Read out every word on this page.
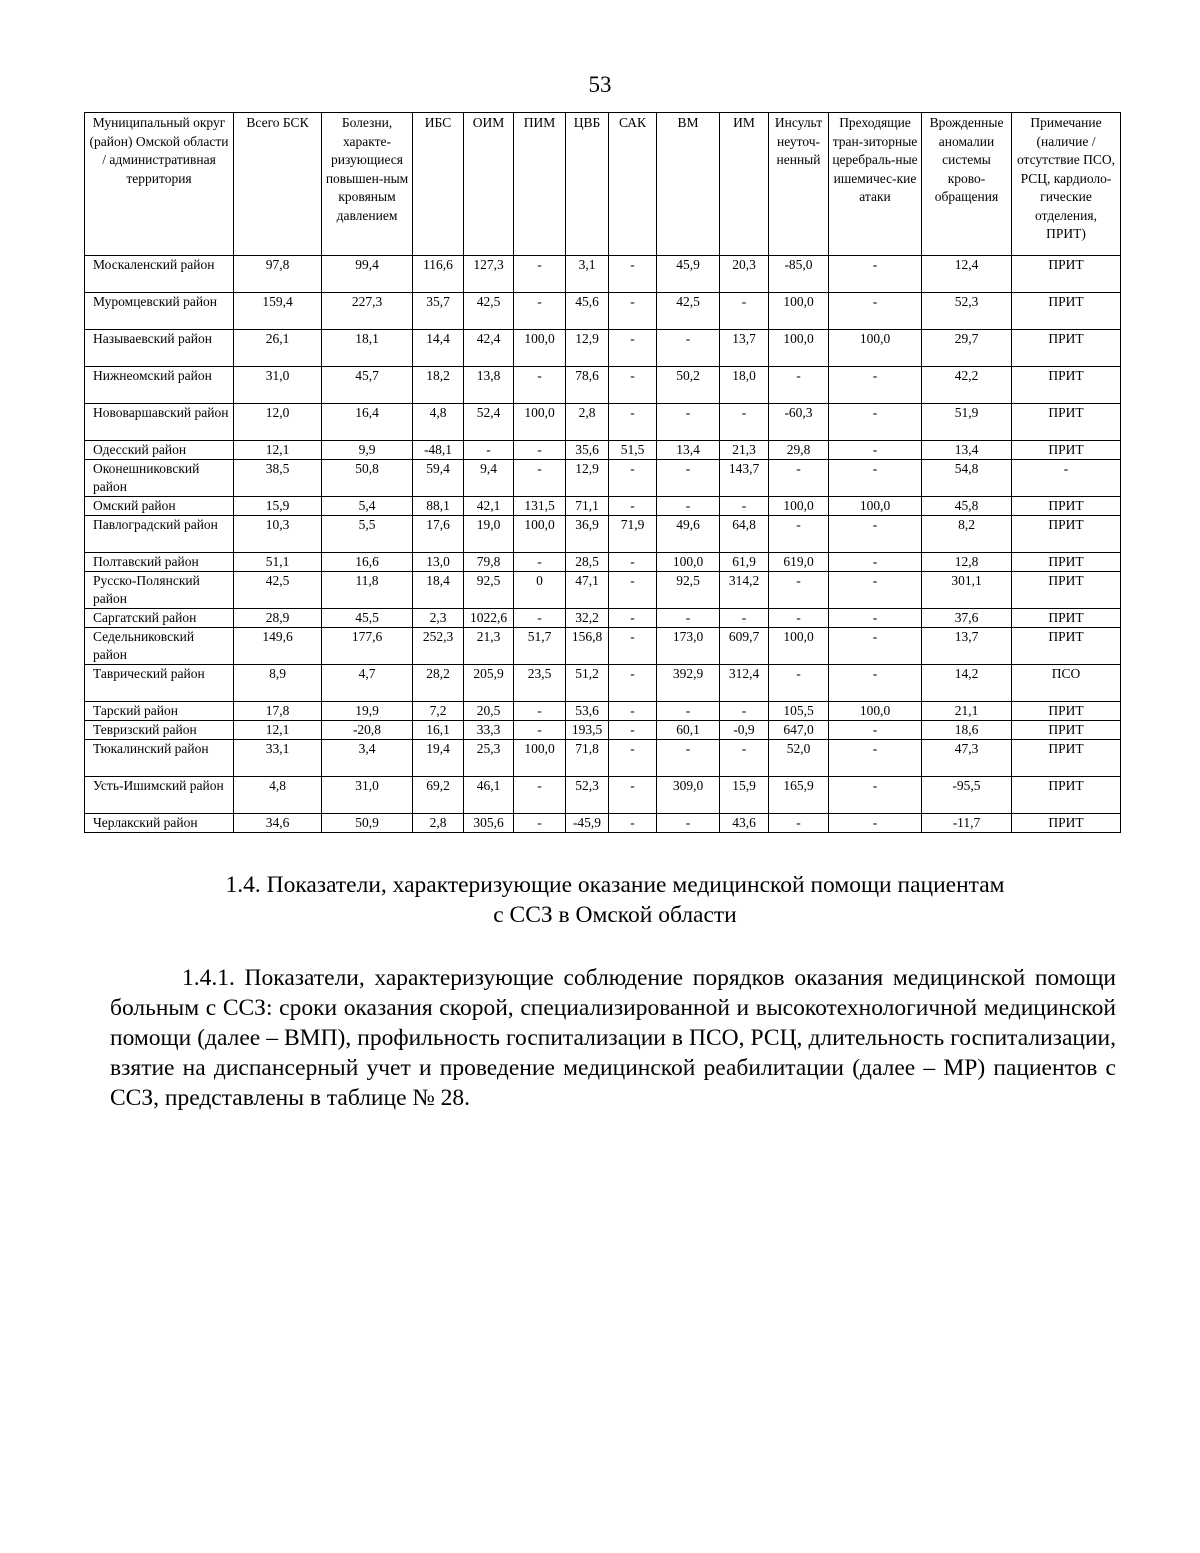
53
Муниципальный округ (район) Омской области / административная территория	Всего БСК	Болезни, характе-ризующиеся повышен-ным кровяным давлением	ИБС	ОИМ	ПИМ	ЦВБ	САК	ВМ	ИМ	Инсульт неуточ-ненный	Преходящие тран-зиторные церебраль-ные ишемичес-кие атаки	Врожденные аномалии системы крово-обращения	Примечание (наличие / отсутствие ПСО, РСЦ, кардиоло-гические отделения, ПРИТ)
Москаленский район	97,8	99,4	116,6	127,3	-	3,1	-	45,9	20,3	-85,0	-	12,4	ПРИТ
Муромцевский район	159,4	227,3	35,7	42,5	-	45,6	-	42,5	-	100,0	-	52,3	ПРИТ
Называевский район	26,1	18,1	14,4	42,4	100,0	12,9	-	-	13,7	100,0	100,0	29,7	ПРИТ
Нижнеомский район	31,0	45,7	18,2	13,8	-	78,6	-	50,2	18,0	-	-	42,2	ПРИТ
Нововаршавский район	12,0	16,4	4,8	52,4	100,0	2,8	-	-	-	-60,3	-	51,9	ПРИТ
Одесский район	12,1	9,9	-48,1	-	-	35,6	51,5	13,4	21,3	29,8	-	13,4	ПРИТ
Оконешниковский район	38,5	50,8	59,4	9,4	-	12,9	-	-	143,7	-	-	54,8	-
Омский район	15,9	5,4	88,1	42,1	131,5	71,1	-	-	-	100,0	100,0	45,8	ПРИТ
Павлоградский район	10,3	5,5	17,6	19,0	100,0	36,9	71,9	49,6	64,8	-	-	8,2	ПРИТ
Полтавский район	51,1	16,6	13,0	79,8	-	28,5	-	100,0	61,9	619,0	-	12,8	ПРИТ
Русско-Полянский район	42,5	11,8	18,4	92,5	0	47,1	-	92,5	314,2	-	-	301,1	ПРИТ
Саргатский район	28,9	45,5	2,3	1022,6	-	32,2	-	-	-	-	-	37,6	ПРИТ
Седельниковский район	149,6	177,6	252,3	21,3	51,7	156,8	-	173,0	609,7	100,0	-	13,7	ПРИТ
Таврический район	8,9	4,7	28,2	205,9	23,5	51,2	-	392,9	312,4	-	-	14,2	ПСО
Тарский район	17,8	19,9	7,2	20,5	-	53,6	-	-	-	105,5	100,0	21,1	ПРИТ
Тевризский район	12,1	-20,8	16,1	33,3	-	193,5	-	60,1	-0,9	647,0	-	18,6	ПРИТ
Тюкалинский район	33,1	3,4	19,4	25,3	100,0	71,8	-	-	-	52,0	-	47,3	ПРИТ
Усть-Ишимский район	4,8	31,0	69,2	46,1	-	52,3	-	309,0	15,9	165,9	-	-95,5	ПРИТ
Черлакский район	34,6	50,9	2,8	305,6	-	-45,9	-	-	43,6	-	-	-11,7	ПРИТ
1.4. Показатели, характеризующие оказание медицинской помощи пациентам
с ССЗ в Омской области

1.4.1. Показатели, характеризующие соблюдение порядков оказания медицинской помощи больным с ССЗ: сроки оказания скорой, специализированной и высокотехнологичной медицинской помощи (далее – ВМП), профильность госпитализации в ПСО, РСЦ, длительность госпитализации, взятие на диспансерный учет и проведение медицинской реабилитации (далее – МР) пациентов с ССЗ, представлены в таблице № 28.
